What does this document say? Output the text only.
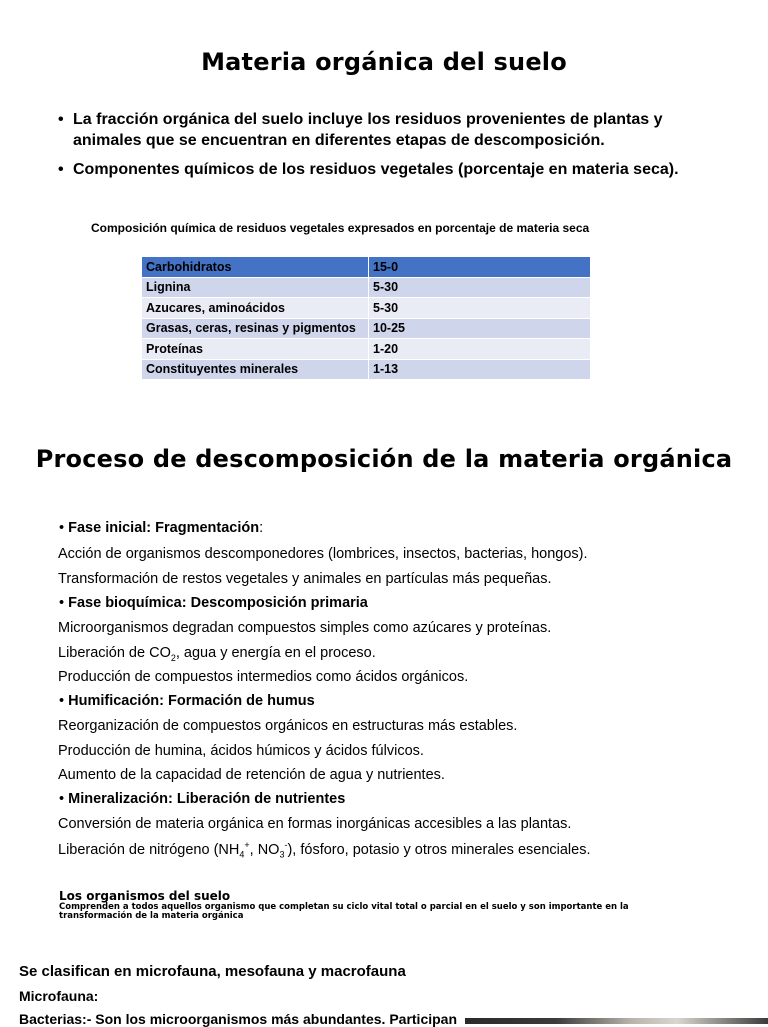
Materia orgánica del suelo
• La fracción orgánica del suelo incluye los residuos provenientes de plantas y animales que se encuentran en diferentes etapas de descomposición.
• Componentes químicos de los residuos vegetales (porcentaje en materia seca).
Composición química de residuos vegetales expresados en porcentaje de materia seca
Carbohidratos	15-0
Lignina	5-30
Azucares, aminoácidos	5-30
Grasas, ceras, resinas y pigmentos	10-25
Proteínas	1-20
Constituyentes minerales	1-13
Proceso de descomposición de la materia orgánica
• Fase inicial: Fragmentación:
Acción de organismos descomponedores (lombrices, insectos, bacterias, hongos).
Transformación de restos vegetales y animales en partículas más pequeñas.
• Fase bioquímica: Descomposición primaria
Microorganismos degradan compuestos simples como azúcares y proteínas.
Liberación de $CO_2$, agua y energía en el proceso.
Producción de compuestos intermedios como ácidos orgánicos.
• Humificación: Formación de humus
Reorganización de compuestos orgánicos en estructuras más estables.
Producción de humina, ácidos húmicos y ácidos fúlvicos.
Aumento de la capacidad de retención de agua y nutrientes.
• Mineralización: Liberación de nutrientes
Conversión de materia orgánica en formas inorgánicas accesibles a las plantas.
Liberación de nitrógeno ($NH_4^+$, $NO_3^-$), fósforo, potasio y otros minerales esenciales.
Los organismos del suelo
Comprenden a todos aquellos organismo que completan su ciclo vital total o parcial en el suelo y son importante en la transformación de la materia orgánica
Se clasifican en microfauna, mesofauna y macrofauna
Microfauna:
Bacterias:- Son los microorganismos más abundantes. Participan
